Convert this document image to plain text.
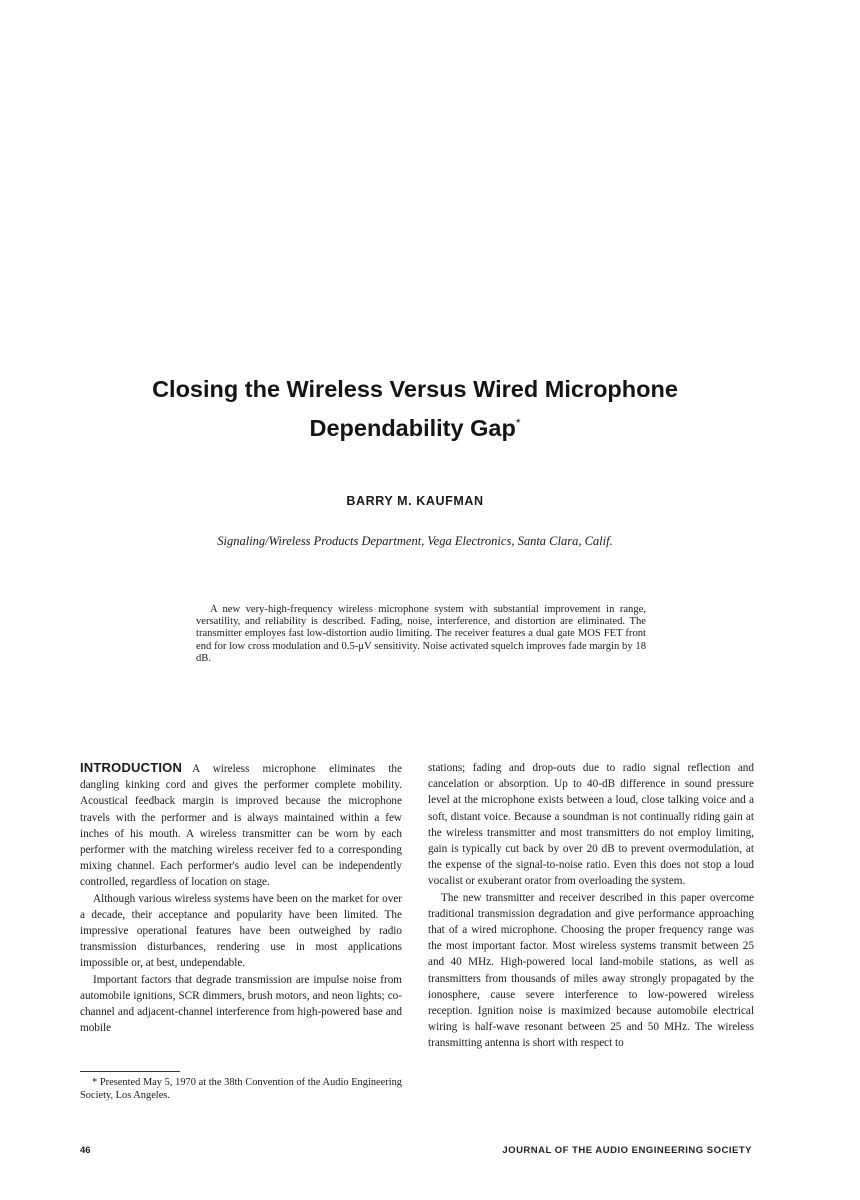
Closing the Wireless Versus Wired Microphone
Dependability Gap*
BARRY M. KAUFMAN
Signaling/Wireless Products Department, Vega Electronics, Santa Clara, Calif.

A new very-high-frequency wireless microphone system with substantial improvement in range, versatility, and reliability is described. Fading, noise, interference, and distortion are eliminated. The transmitter employes fast low-distortion audio limiting. The receiver features a dual gate MOS FET front end for low cross modulation and 0.5-μV sensitivity. Noise activated squelch improves fade margin by 18 dB.

INTRODUCTION A wireless microphone eliminates the dangling kinking cord and gives the performer complete mobility. Acoustical feedback margin is improved because the microphone travels with the performer and is always maintained within a few inches of his mouth. A wireless transmitter can be worn by each performer with the matching wireless receiver fed to a corresponding mixing channel. Each performer's audio level can be independently controlled, regardless of location on stage.

Although various wireless systems have been on the market for over a decade, their acceptance and popularity have been limited. The impressive operational features have been outweighed by radio transmission disturbances, rendering use in most applications impossible or, at best, undependable.

Important factors that degrade transmission are impulse noise from automobile ignitions, SCR dimmers, brush motors, and neon lights; co-channel and adjacent-channel interference from high-powered base and mobile

stations; fading and drop-outs due to radio signal reflection and cancelation or absorption. Up to 40-dB difference in sound pressure level at the microphone exists between a loud, close talking voice and a soft, distant voice. Because a soundman is not continually riding gain at the wireless transmitter and most transmitters do not employ limiting, gain is typically cut back by over 20 dB to prevent overmodulation, at the expense of the signal-to-noise ratio. Even this does not stop a loud vocalist or exuberant orator from overloading the system.

The new transmitter and receiver described in this paper overcome traditional transmission degradation and give performance approaching that of a wired microphone. Choosing the proper frequency range was the most important factor. Most wireless systems transmit between 25 and 40 MHz. High-powered local land-mobile stations, as well as transmitters from thousands of miles away strongly propagated by the ionosphere, cause severe interference to low-powered wireless reception. Ignition noise is maximized because automobile electrical wiring is half-wave resonant between 25 and 50 MHz. The wireless transmitting antenna is short with respect to

* Presented May 5, 1970 at the 38th Convention of the Audio Engineering Society, Los Angeles.

46	JOURNAL OF THE AUDIO ENGINEERING SOCIETY
